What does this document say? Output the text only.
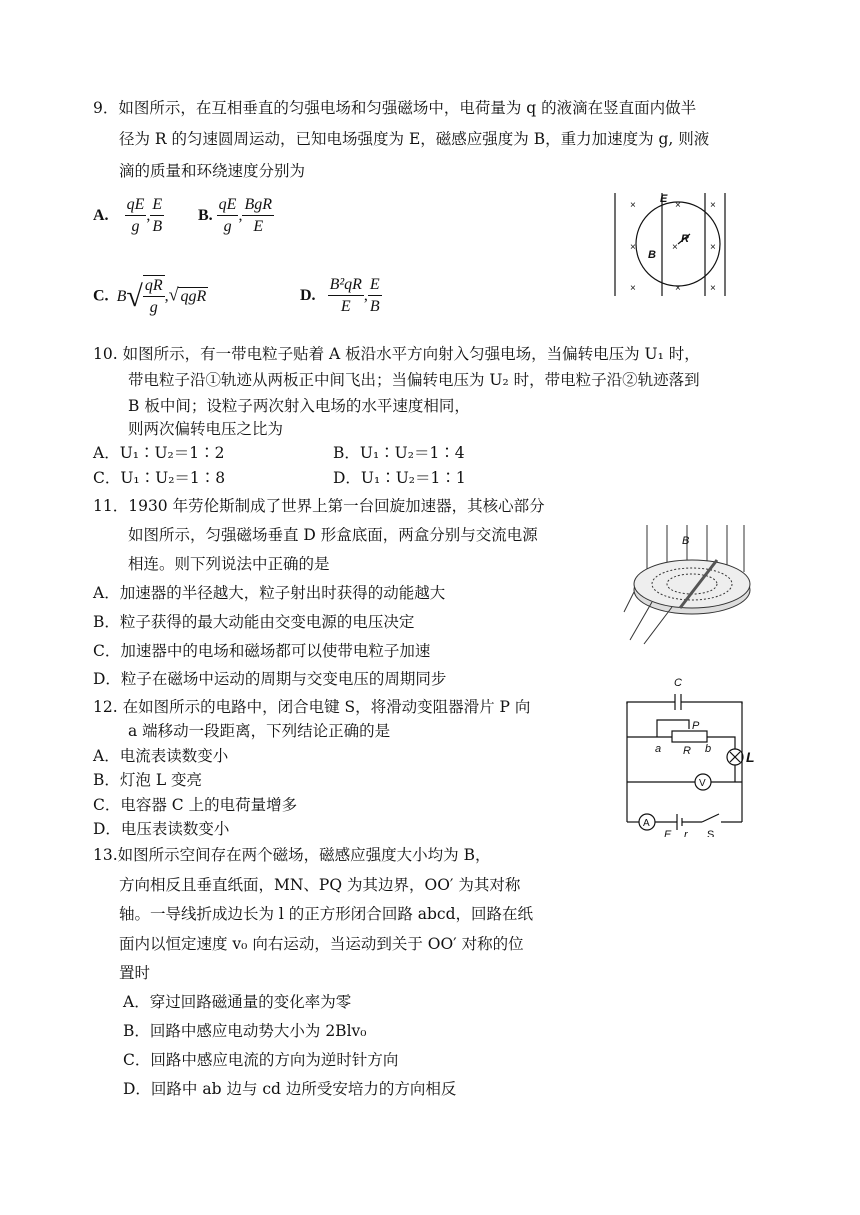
9．如图所示，在互相垂直的匀强电场和匀强磁场中，电荷量为 q 的液滴在竖直面内做半
径为 R 的匀速圆周运动，已知电场强度为 E，磁感应强度为 B，重力加速度为 g, 则液
滴的质量和环绕速度分别为
A. $\frac{qE}{g}$ , $\frac{E}{B} B$. $\frac{qE}{g}$ , $\frac{\text{BgR}}{E}$
C. $B√ \frac{qR}{g}$ ,√ qgR	D. $\frac{\text{B²qR}}{E}$ , $\frac{E}{B}$
E
R
B
×	×	×
×	×	×
×	×	×
10. 如图所示，有一带电粒子贴着 A 板沿水平方向射入匀强电场，当偏转电压为 U₁ 时，
带电粒子沿①轨迹从两板正中间飞出；当偏转电压为 U₂ 时，带电粒子沿②轨迹落到
B 板中间；设粒子两次射入电场的水平速度相同，
则两次偏转电压之比为
A．U₁∶U₂＝1∶2	B．U₁∶U₂＝1∶4
C．U₁∶U₂＝1∶8	D．U₁∶U₂＝1∶1
11．1930 年劳伦斯制成了世界上第一台回旋加速器，其核心部分
如图所示，匀强磁场垂直 D 形盒底面，两盒分别与交流电源
相连。则下列说法中正确的是
A．加速器的半径越大，粒子射出时获得的动能越大
B．粒子获得的最大动能由交变电源的电压决定
C．加速器中的电场和磁场都可以使带电粒子加速
D．粒子在磁场中运动的周期与交变电压的周期同步
B
12. 在如图所示的电路中，闭合电键 S，将滑动变阻器滑片 P 向
a 端移动一段距离，下列结论正确的是
A．电流表读数变小
B．灯泡 L 变亮
C．电容器 C 上的电荷量增多
D．电压表读数变小
C
P
a R b L
V
A
E r S
13.如图所示空间存在两个磁场，磁感应强度大小均为 B，
方向相反且垂直纸面，MN、PQ 为其边界，OO′ 为其对称
轴。一导线折成边长为 l 的正方形闭合回路 abcd，回路在纸
面内以恒定速度 v₀ 向右运动，当运动到关于 OO′ 对称的位
置时
A．穿过回路磁通量的变化率为零
B．回路中感应电动势大小为 2Blv₀
C．回路中感应电流的方向为逆时针方向
D．回路中 ab 边与 cd 边所受安培力的方向相反
